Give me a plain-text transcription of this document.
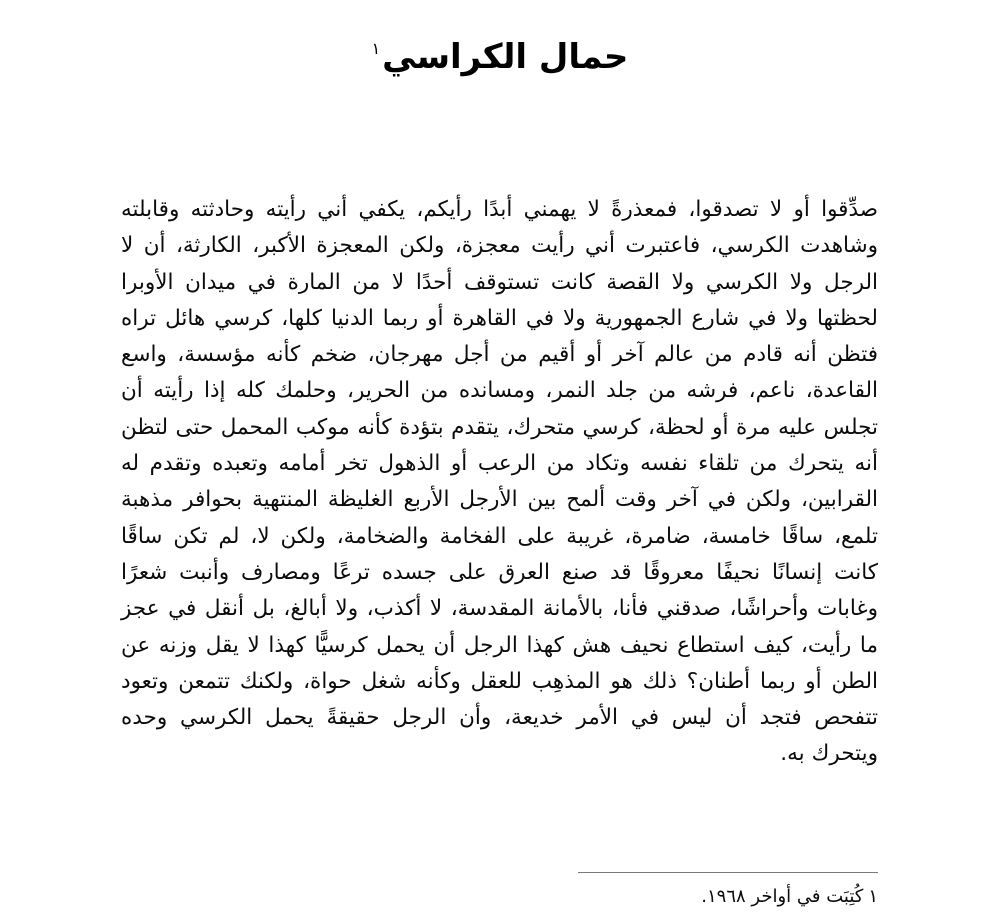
حمال الكراسي$^١$

صدِّقوا أو لا تصدقوا، فمعذرةً لا يهمني أبدًا رأيكم، يكفي أني رأيته وحادثته وقابلته وشاهدت الكرسي، فاعتبرت أني رأيت معجزة، ولكن المعجزة الأكبر، الكارثة، أن لا الرجل ولا الكرسي ولا القصة كانت تستوقف أحدًا لا من المارة في ميدان الأوبرا لحظتها ولا في شارع الجمهورية ولا في القاهرة أو ربما الدنيا كلها، كرسي هائل تراه فتظن أنه قادم من عالم آخر أو أقيم من أجل مهرجان، ضخم كأنه مؤسسة، واسع القاعدة، ناعم، فرشه من جلد النمر، ومسانده من الحرير، وحلمك كله إذا رأيته أن تجلس عليه مرة أو لحظة، كرسي متحرك، يتقدم بتؤدة كأنه موكب المحمل حتى لتظن أنه يتحرك من تلقاء نفسه وتكاد من الرعب أو الذهول تخر أمامه وتعبده وتقدم له القرابين، ولكن في آخر وقت ألمح بين الأرجل الأربع الغليظة المنتهية بحوافر مذهبة تلمع، ساقًا خامسة، ضامرة، غريبة على الفخامة والضخامة، ولكن لا، لم تكن ساقًا كانت إنسانًا نحيفًا معروقًا قد صنع العرق على جسده ترعًا ومصارف وأنبت شعرًا وغابات وأحراشًا، صدقني فأنا، بالأمانة المقدسة، لا أكذب، ولا أبالغ، بل أنقل في عجز ما رأيت، كيف استطاع نحيف هش كهذا الرجل أن يحمل كرسيًّا كهذا لا يقل وزنه عن الطن أو ربما أطنان؟ ذلك هو المذهِب للعقل وكأنه شغل حواة، ولكنك تتمعن وتعود تتفحص فتجد أن ليس في الأمر خديعة، وأن الرجل حقيقةً يحمل الكرسي وحده ويتحرك به.

١كُتِبَت في أواخر ١٩٦٨.
